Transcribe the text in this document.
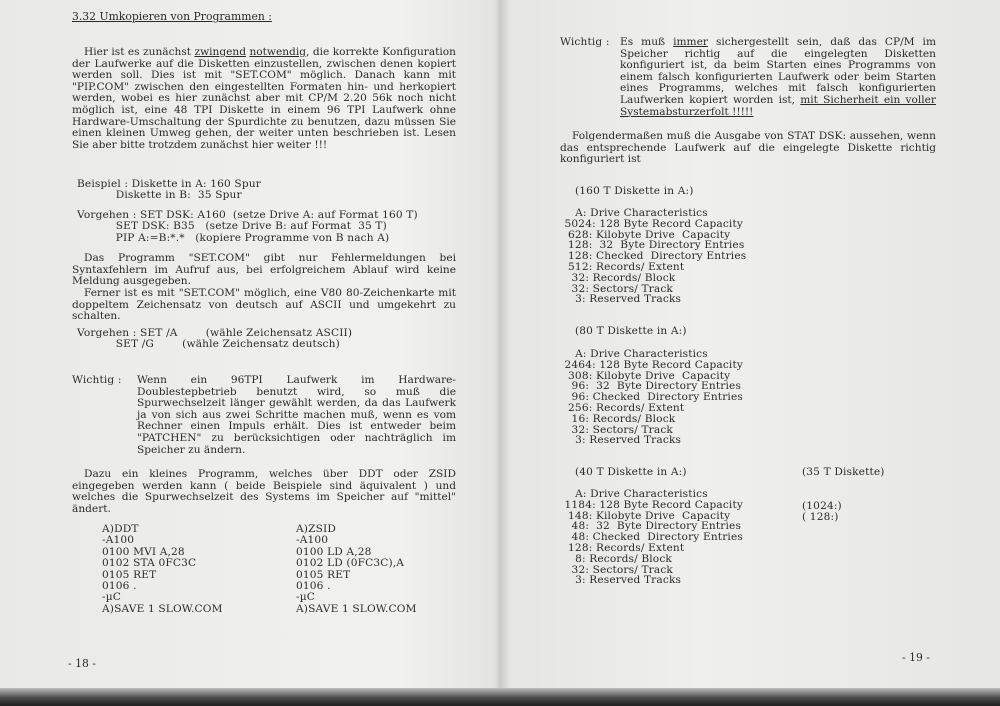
3.32 Umkopieren von Programmen :
Hier ist es zunächst zwingend notwendig, die korrekte Konfiguration der Laufwerke auf die Disketten einzustellen, zwischen denen kopiert werden soll. Dies ist mit "SET.COM" möglich. Danach kann mit "PIP.COM" zwischen den eingestellten Formaten hin- und herkopiert werden, wobei es hier zunächst aber mit CP/M 2.20 56k noch nicht möglich ist, eine 48 TPI Diskette in einem 96 TPI Laufwerk ohne Hardware-Umschaltung der Spurdichte zu benutzen, dazu müssen Sie einen kleinen Umweg gehen, der weiter unten beschrieben ist. Lesen Sie aber bitte trotzdem zunächst hier weiter !!!
Beispiel : Diskette in A: 160 Spur
Diskette in B:  35 Spur
Vorgehen : SET DSK: A160  (setze Drive A: auf Format 160 T)
SET DSK: B35   (setze Drive B: auf Format  35 T)
PIP A:=B:*.*   (kopiere Programme von B nach A)
Das Programm "SET.COM" gibt nur Fehlermeldungen bei Syntaxfehlern im Aufruf aus, bei erfolgreichem Ablauf wird keine Meldung ausgegeben.
Ferner ist es mit "SET.COM" möglich, eine V80 80-Zeichenkarte mit doppeltem Zeichensatz von deutsch auf ASCII und umgekehrt zu schalten.
Vorgehen : SET /A        (wähle Zeichensatz ASCII)
SET /G        (wähle Zeichensatz deutsch)
Wichtig : Wenn ein 96TPI Laufwerk im Hardware- Doublestepbetrieb benutzt wird, so muß die Spurwechselzeit länger gewählt werden, da das Laufwerk ja von sich aus zwei Schritte machen muß, wenn es vom Rechner einen Impuls erhält. Dies ist entweder beim "PATCHEN" zu berücksichtigen oder nachträglich im Speicher zu ändern.
Dazu ein kleines Programm, welches über DDT oder ZSID eingegeben werden kann ( beide Beispiele sind äquivalent ) und welches die Spurwechselzeit des Systems im Speicher auf "mittel" ändert.
A)DDT
-A100
0100 MVI A,28
0102 STA 0FC3C
0105 RET
0106 .
-µC
A)SAVE 1 SLOW.COM
A)ZSID
-A100
0100 LD A,28
0102 LD (0FC3C),A
0105 RET
0106 .
-µC
A)SAVE 1 SLOW.COM
- 18 -
Wichtig : Es muß immer sichergestellt sein, daß das CP/M im Speicher richtig auf die eingelegten Disketten konfiguriert ist, da beim Starten eines Programms von einem falsch konfigurierten Laufwerk oder beim Starten eines Programms, welches mit falsch konfigurierten Laufwerken kopiert worden ist, mit Sicherheit ein voller Systemabsturzerfolt !!!!!
Folgendermaßen muß die Ausgabe von STAT DSK: aussehen, wenn das entsprechende Laufwerk auf die eingelegte Diskette richtig konfiguriert ist
(160 T Diskette in A:)
A: Drive Characteristics
5024: 128 Byte Record Capacity
628: Kilobyte Drive  Capacity
128:  32  Byte Directory Entries
128: Checked  Directory Entries
512: Records/ Extent
32: Records/ Block
32: Sectors/ Track
3: Reserved Tracks
(80 T Diskette in A:)
A: Drive Characteristics
2464: 128 Byte Record Capacity
308: Kilobyte Drive  Capacity
96:  32  Byte Directory Entries
96: Checked  Directory Entries
256: Records/ Extent
16: Records/ Block
32: Sectors/ Track
3: Reserved Tracks
(40 T Diskette in A:)	(35 T Diskette)
A: Drive Characteristics
1184: 128 Byte Record Capacity
148: Kilobyte Drive  Capacity
48:  32  Byte Directory Entries
48: Checked  Directory Entries
128: Records/ Extent
8: Records/ Block
32: Sectors/ Track
3: Reserved Tracks
(1024:)
( 128:)
- 19 -
